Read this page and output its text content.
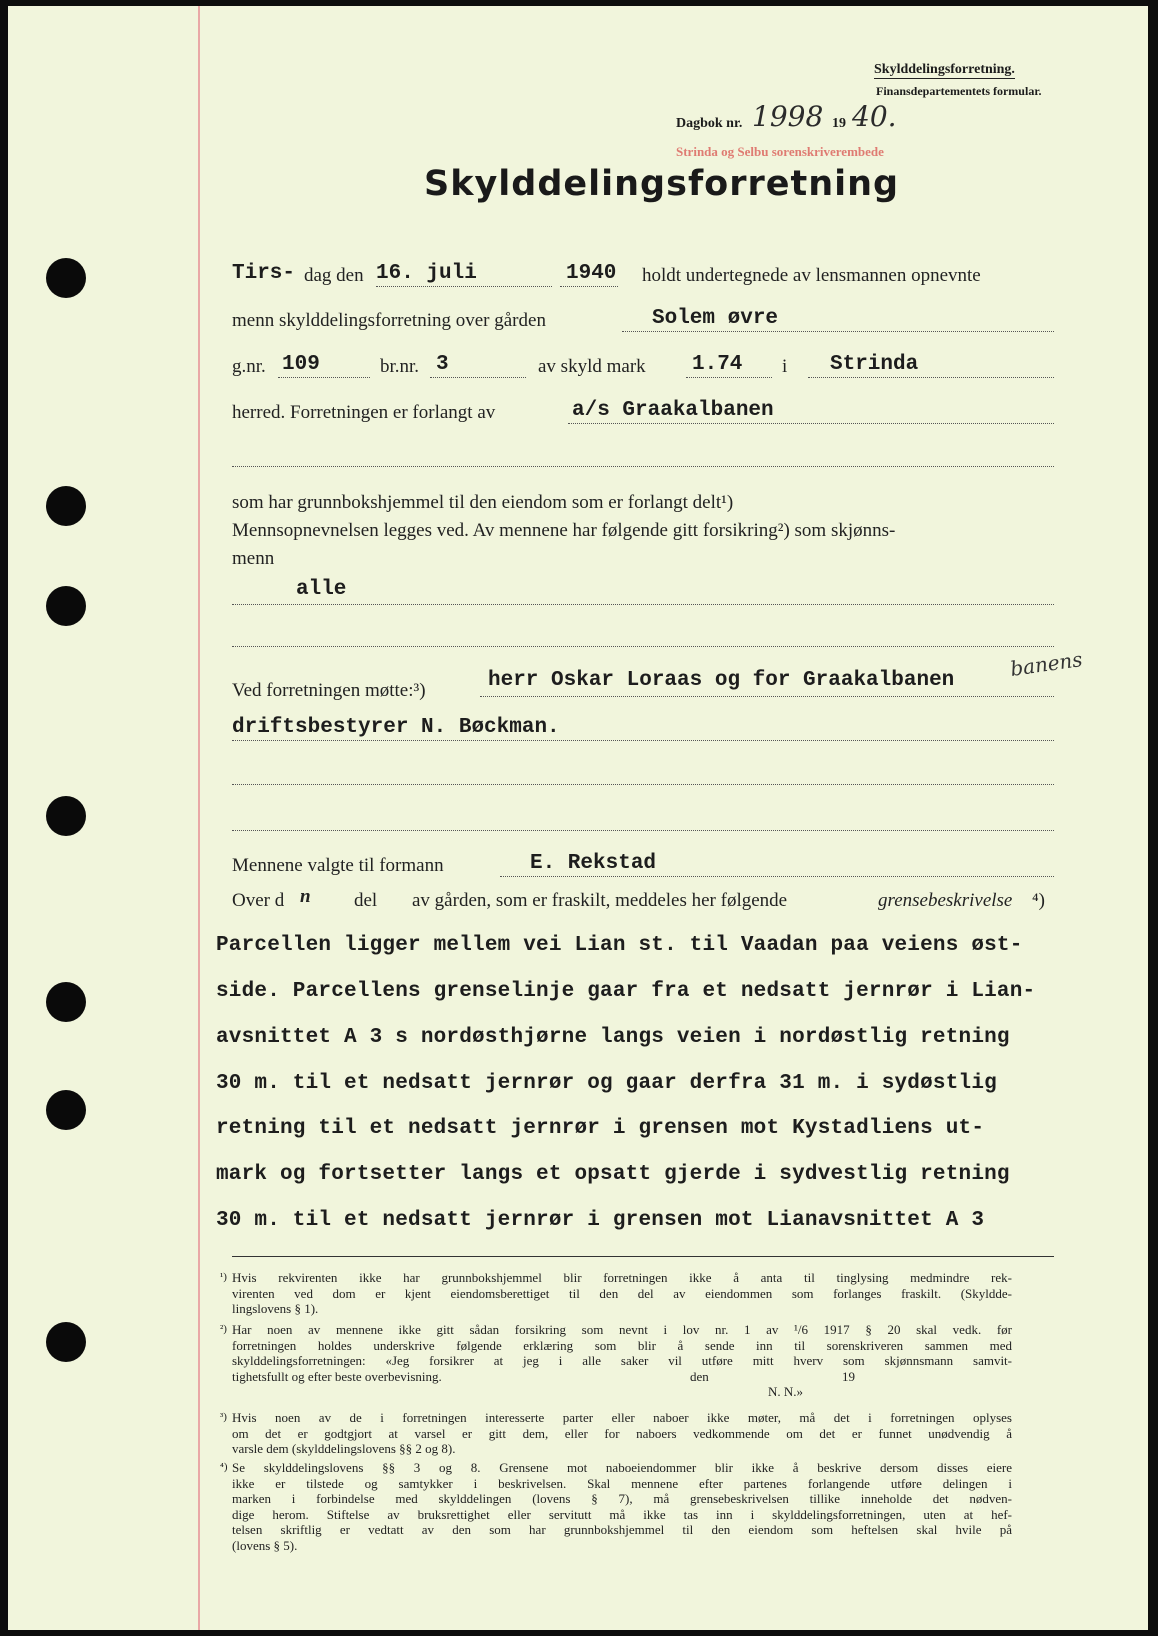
Skylddelingsforretning.
Finansdepartementets formular.
Dagbok nr. 1998 19 40.
Strinda og Selbu sorenskriverembede
Skylddelingsforretning
Tirs- dag den 16. juli	1940 holdt undertegnede av lensmannen opnevnte
menn skylddelingsforretning over gården	Solem øvre
g.nr. 109	br.nr. 3	av skyld mark 1.74 i Strinda
herred. Forretningen er forlangt av	a/s Graakalbanen
som har grunnbokshjemmel til den eiendom som er forlangt delt¹)
Mennsopnevnelsen legges ved. Av mennene har følgende gitt forsikring²) som skjønns-
menn
alle
Ved forretningen møtte:³)	herr Oskar Loraas og for Graakalbanen	banens
driftsbestyrer N. Bøckman.
Mennene valgte til formann	E. Rekstad
Over d n del av gården, som er fraskilt, meddeles her følgende	grensebeskrivelse ⁴)
Parcellen ligger mellem vei Lian st. til Vaadan paa veiens øst-
side. Parcellens grenselinje gaar fra et nedsatt jernrør i Lian-
avsnittet A 3 s nordøsthjørne langs veien i nordøstlig retning
30 m. til et nedsatt jernrør og gaar derfra 31 m. i sydøstlig
retning til et nedsatt jernrør i grensen mot Kystadliens ut-
mark og fortsetter langs et opsatt gjerde i sydvestlig retning
30 m. til et nedsatt jernrør i grensen mot Lianavsnittet A 3
¹) Hvis rekvirenten ikke har grunnbokshjemmel blir forretningen ikke å anta til tinglysing medmindre rek-
virenten ved dom er kjent eiendomsberettiget til den del av eiendommen som forlanges fraskilt. (Skyldde-
lingslovens § 1).
²) Har noen av mennene ikke gitt sådan forsikring som nevnt i lov nr. 1 av ¹/6 1917 § 20 skal vedk. før
forretningen holdes underskrive følgende erklæring som blir å sende inn til sorenskriveren sammen med
skylddelingsforretningen: «Jeg forsikrer at jeg i alle saker vil utføre mitt hverv som skjønnsmann samvit-
tighetsfullt og efter beste overbevisning.	den	19
N. N.»
³) Hvis noen av de i forretningen interesserte parter eller naboer ikke møter, må det i forretningen oplyses
om det er godtgjort at varsel er gitt dem, eller for naboers vedkommende om det er funnet unødvendig å
varsle dem (skylddelingslovens §§ 2 og 8).
⁴) Se skylddelingslovens §§ 3 og 8. Grensene mot naboeiendommer blir ikke å beskrive dersom disses eiere
ikke er tilstede og samtykker i beskrivelsen. Skal mennene efter partenes forlangende utføre delingen i
marken i forbindelse med skylddelingen (lovens § 7), må grensebeskrivelsen tillike inneholde det nødven-
dige herom. Stiftelse av bruksrettighet eller servitutt må ikke tas inn i skylddelingsforretningen, uten at hef-
telsen skriftlig er vedtatt av den som har grunnbokshjemmel til den eiendom som heftelsen skal hvile på
(lovens § 5).
